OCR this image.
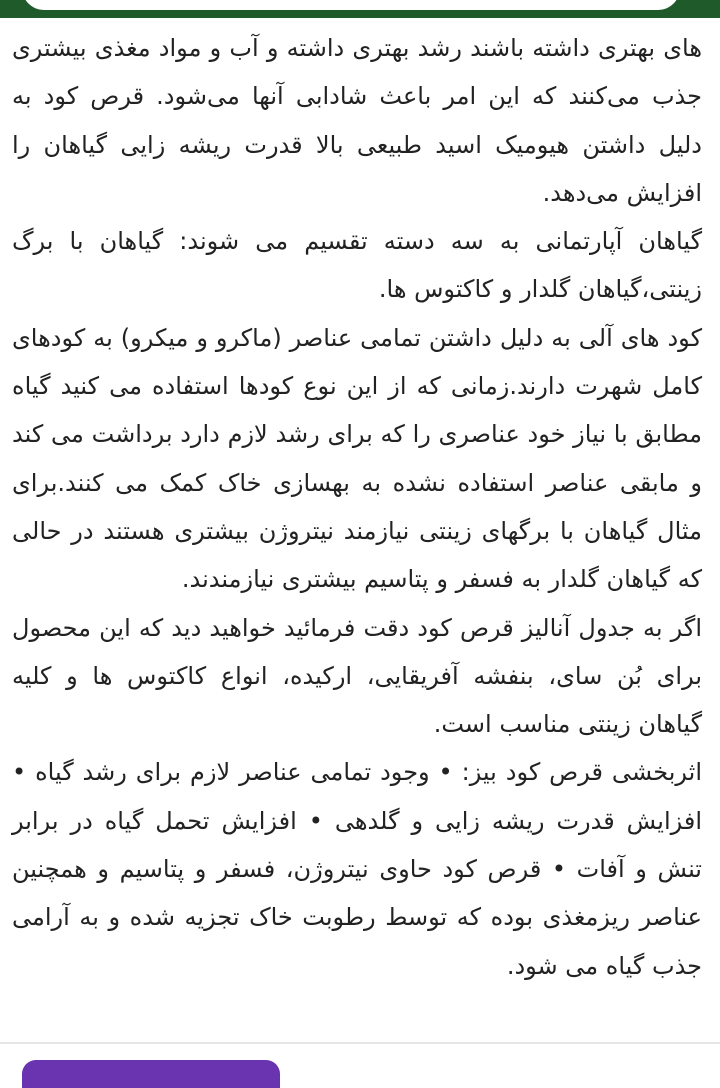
های بهتری داشته باشند رشد بهتری داشته و آب و مواد مغذی بیشتری جذب می‌کنند که این امر باعث شادابی آنها می‌شود. قرص کود به دلیل داشتن هیومیک اسید طبیعی بالا قدرت ریشه زایی گیاهان را افزایش می‌دهد.

گیاهان آپارتمانی به سه دسته تقسیم می شوند: گیاهان با برگ زینتی،گیاهان گلدار و کاکتوس ها.

کود های آلی به دلیل داشتن تمامی عناصر (ماکرو و میکرو) به کودهای کامل شهرت دارند.زمانی که از این نوع کودها استفاده می کنید گیاه مطابق با نیاز خود عناصری را که برای رشد لازم دارد برداشت می کند و مابقی عناصر استفاده نشده به بهسازی خاک کمک می کنند.برای مثال گیاهان با برگهای زینتی نیازمند نیتروژن بیشتری هستند در حالی که گیاهان گلدار به فسفر و پتاسیم بیشتری نیازمندند.

اگر به جدول آنالیز قرص کود دقت فرمائید خواهید دید که این محصول برای بُن سای، بنفشه آفریقایی، ارکیده، انواع کاکتوس ها و کلیه گیاهان زینتی مناسب است.

اثربخشی قرص کود بیز: • وجود تمامی عناصر لازم برای رشد گیاه • افزایش قدرت ریشه زایی و گلدهی • افزایش تحمل گیاه در برابر تنش و آفات • قرص کود حاوی نیتروژن، فسفر و پتاسیم و همچنین عناصر ریزمغذی بوده که توسط رطوبت خاک تجزیه شده و به آرامی جذب گیاه می شود.
